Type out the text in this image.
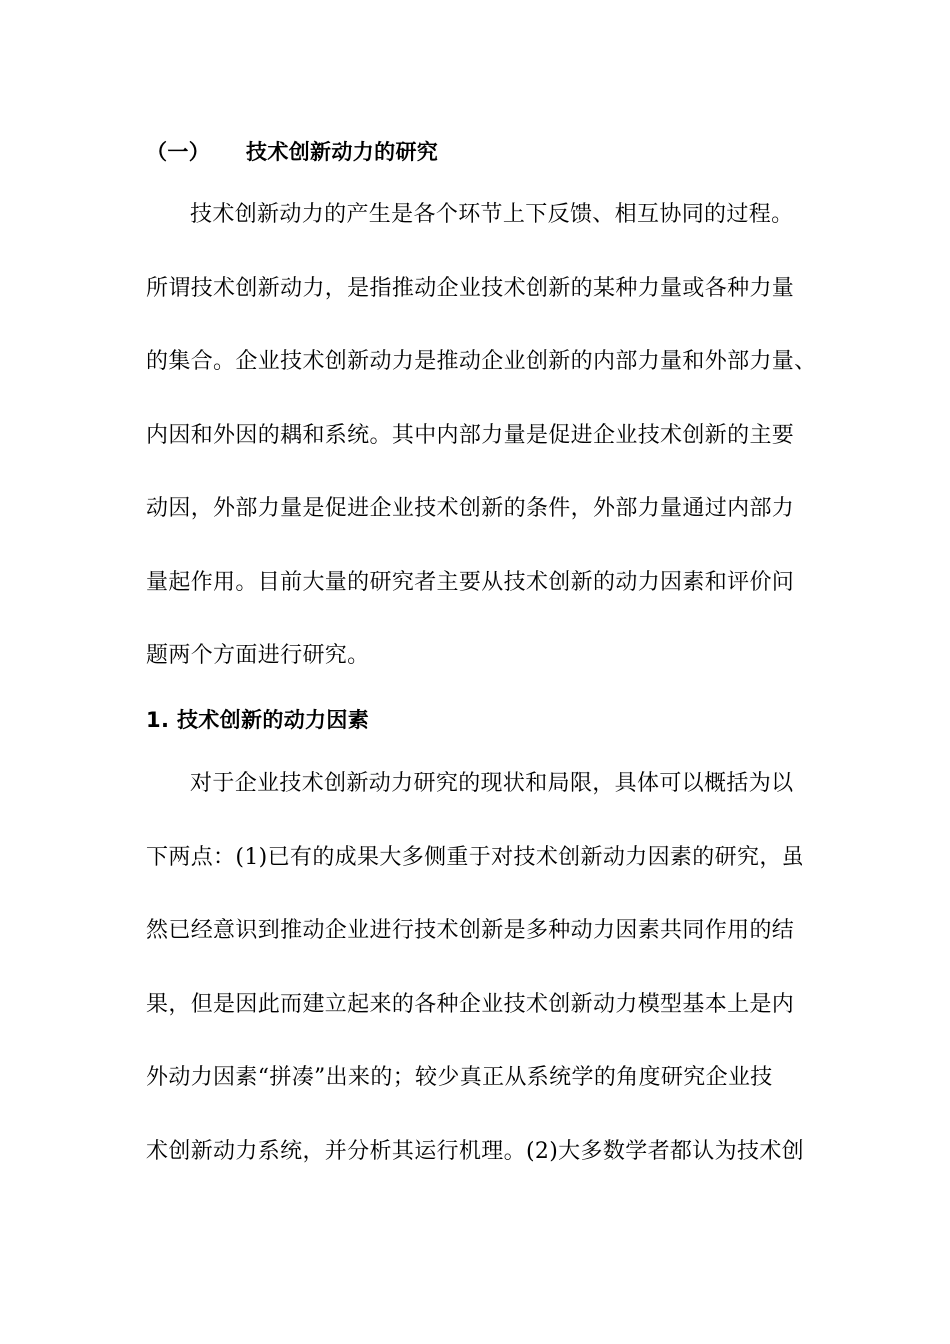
（一） 技术创新动力的研究
技术创新动力的产生是各个环节上下反馈、相互协同的过程。
所谓技术创新动力，是指推动企业技术创新的某种力量或各种力量
的集合。企业技术创新动力是推动企业创新的内部力量和外部力量、
内因和外因的耦和系统。其中内部力量是促进企业技术创新的主要
动因，外部力量是促进企业技术创新的条件，外部力量通过内部力
量起作用。目前大量的研究者主要从技术创新的动力因素和评价问
题两个方面进行研究。
1. 技术创新的动力因素
对于企业技术创新动力研究的现状和局限，具体可以概括为以
下两点：(1)已有的成果大多侧重于对技术创新动力因素的研究，虽
然已经意识到推动企业进行技术创新是多种动力因素共同作用的结
果，但是因此而建立起来的各种企业技术创新动力模型基本上是内
外动力因素“拼凑”出来的；较少真正从系统学的角度研究企业技
术创新动力系统，并分析其运行机理。(2)大多数学者都认为技术创
